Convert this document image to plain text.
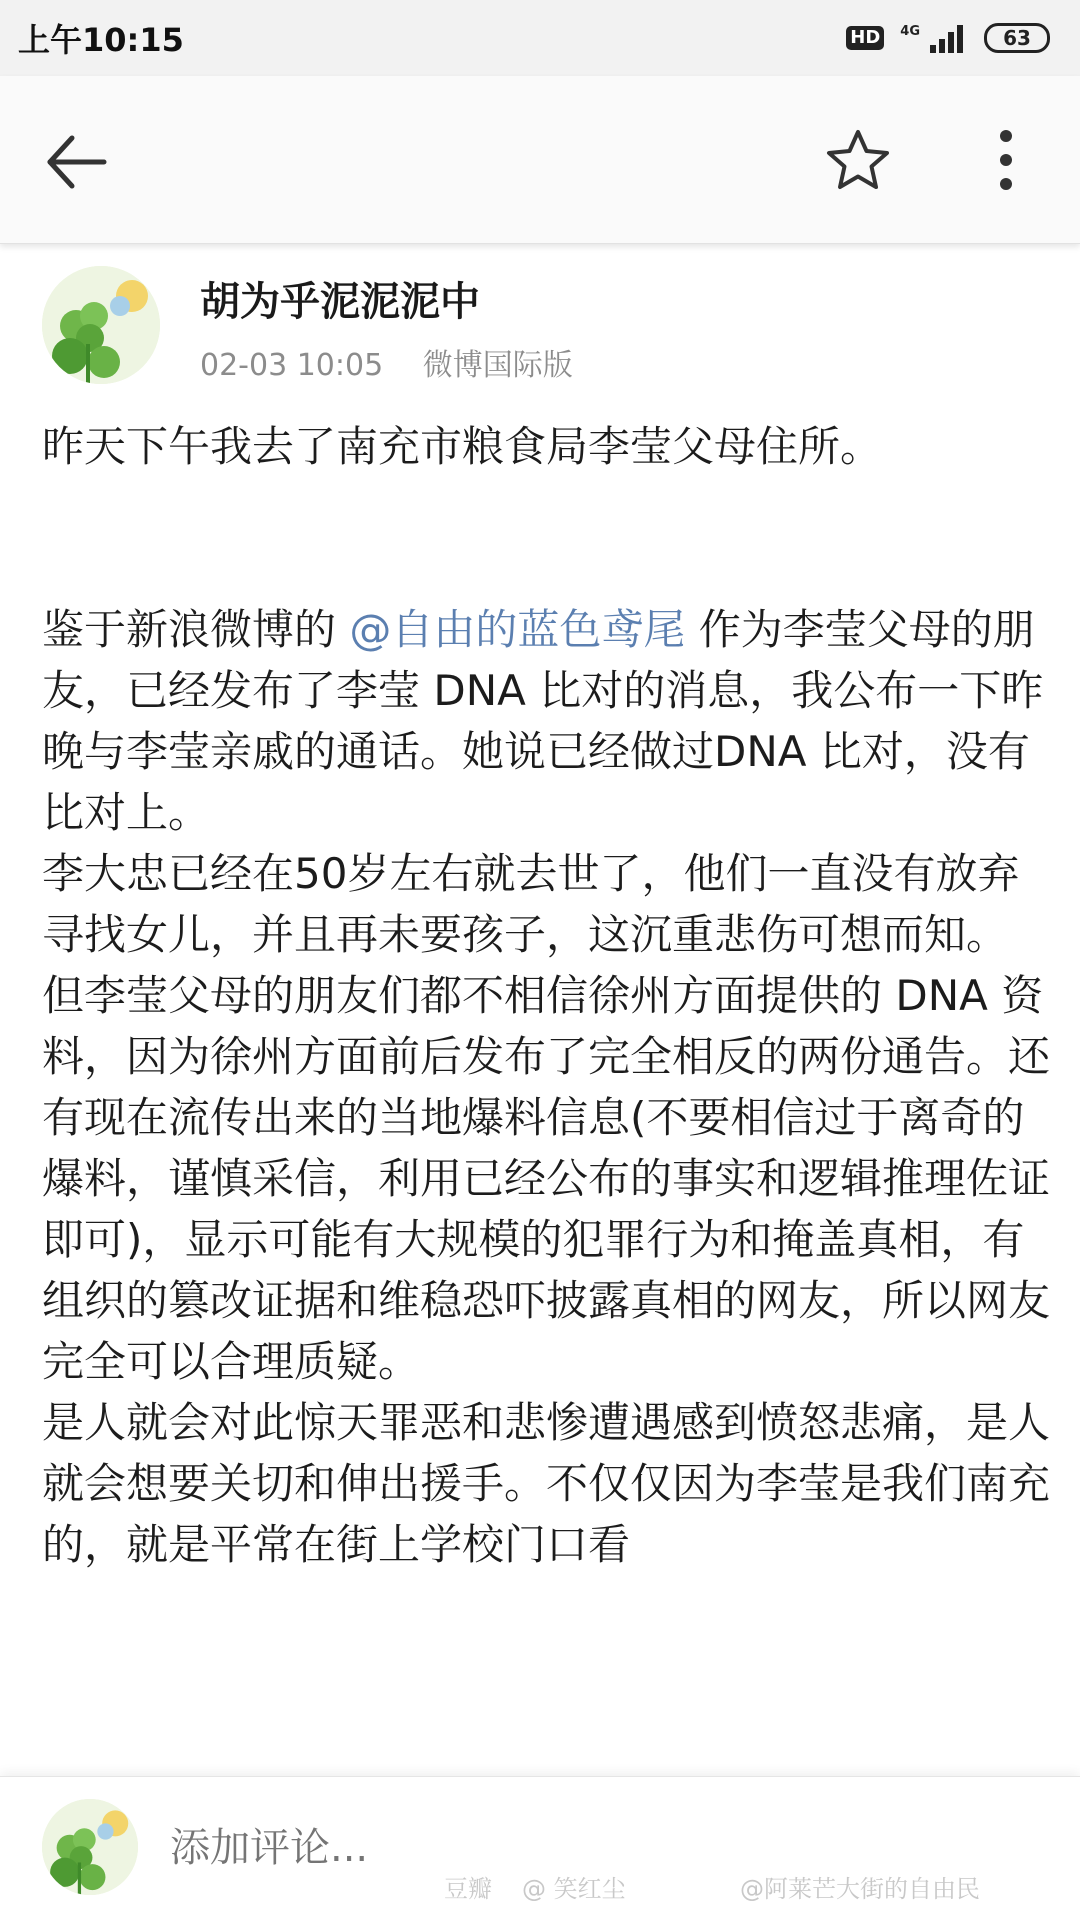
上午10:15	HD	4G	63
胡为乎泥泥泥中
02-03 10:05 微博国际版

昨天下午我去了南充市粮食局李莹父母住所。

鉴于新浪微博的 @自由的蓝色鸢尾 作为李莹父母的朋友，已经发布了李莹 DNA 比对的消息，我公布一下昨晚与李莹亲戚的通话。她说已经做过DNA 比对，没有比对上。

李大忠已经在50岁左右就去世了，他们一直没有放弃寻找女儿，并且再未要孩子，这沉重悲伤可想而知。

但李莹父母的朋友们都不相信徐州方面提供的 DNA 资料，因为徐州方面前后发布了完全相反的两份通告。还有现在流传出来的当地爆料信息(不要相信过于离奇的爆料，谨慎采信，利用已经公布的事实和逻辑推理佐证即可)，显示可能有大规模的犯罪行为和掩盖真相，有组织的篡改证据和维稳恐吓披露真相的网友，所以网友完全可以合理质疑。

是人就会对此惊天罪恶和悲惨遭遇感到愤怒悲痛，是人就会想要关切和伸出援手。不仅仅因为李莹是我们南充的，就是平常在街上学校门口看

添加评论...
豆瓣 @ 笑红尘	@阿莱芒大街的自由民
